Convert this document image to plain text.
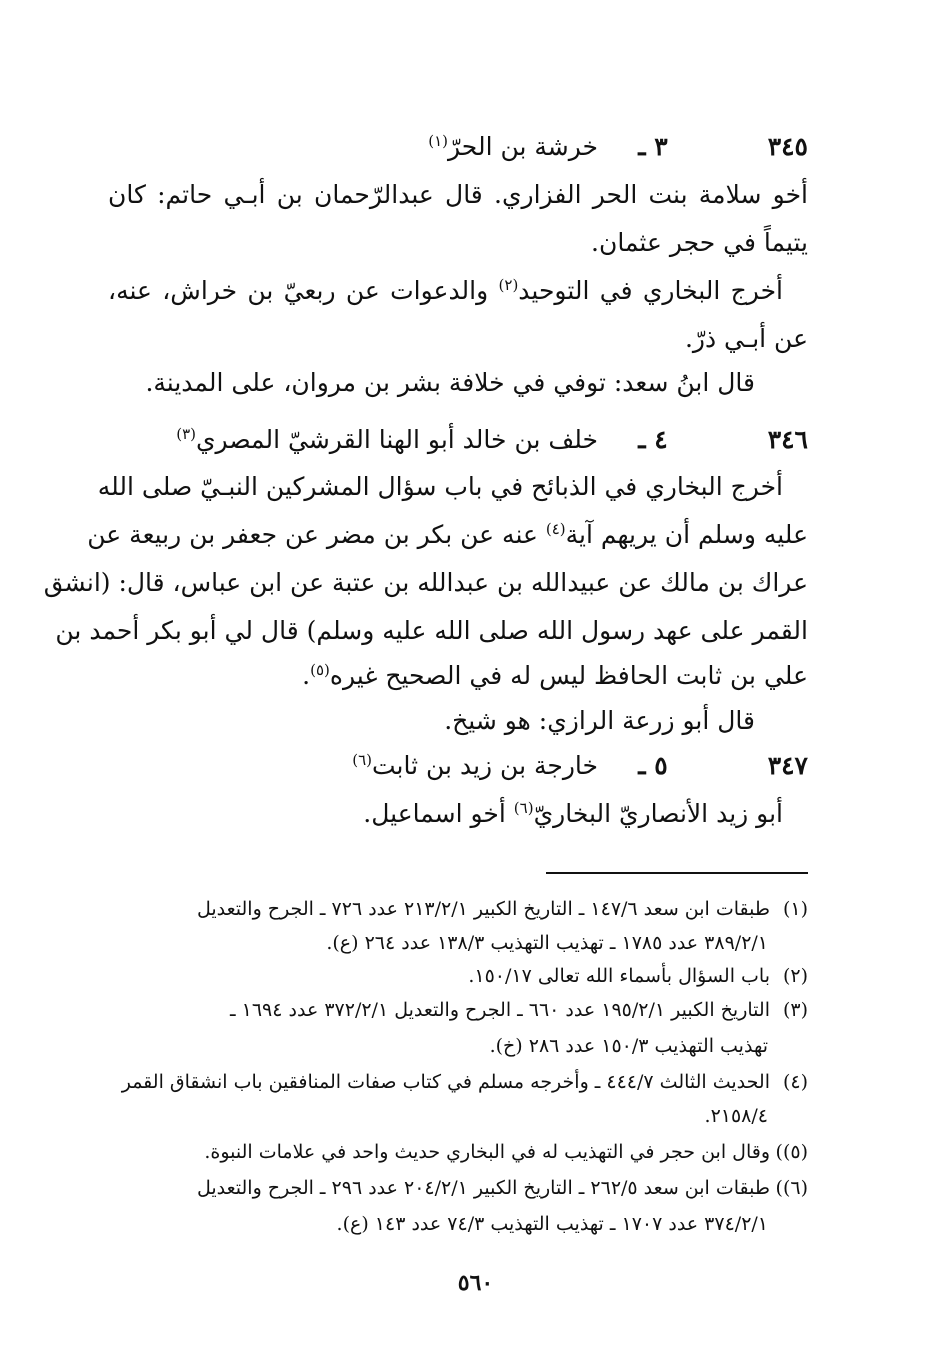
٣٤٥٣ ـخرشة بن الحرّ$^{(١)}$
أخو سلامة بنت الحر الفزاري. قال عبدالرّحمان بن أبـي حاتم: كان
يتيماً في حجر عثمان.
أخرج البخاري في التوحيد$^{(٢)}$ والدعوات عن ربعيّ بن خراش، عنه،
عن أبـي ذرّ.
قال ابنُ سعد: توفي في خلافة بشر بن مروان، على المدينة.
٣٤٦٤ ـخلف بن خالد أبو الهنا القرشيّ المصري$^{(٣)}$
أخرج البخاري في الذبائح في باب سؤال المشركين النبـيّ صلى الله
عليه وسلم أن يريهم آية$^{(٤)}$ عنه عن بكر بن مضر عن جعفر بن ربيعة عن
عراك بن مالك عن عبيدالله بن عبدالله بن عتبة عن ابن عباس، قال: (انشق
القمر على عهد رسول الله صلى الله عليه وسلم) قال لي أبو بكر أحمد بن
علي بن ثابت الحافظ ليس له في الصحيح غيره$^{(٥)}$.
قال أبو زرعة الرازي: هو شيخ.
٣٤٧٥ ـخارجة بن زيد بن ثابت$^{(٦)}$
أبو زيد الأنصاريّ البخاريّ$^{(٦)}$ أخو اسماعيل.
(١)طبقات ابن سعد ١٤٧/٦ ـ التاريخ الكبير ٢١٣/٢/١ عدد ٧٢٦ ـ الجرح والتعديل
٣٨٩/٢/١ عدد ١٧٨٥ ـ تهذيب التهذيب ١٣٨/٣ عدد ٢٦٤ (ع).
(٢)باب السؤال بأسماء الله تعالى ١٥٠/١٧.
(٣)التاريخ الكبير ١٩٥/٢/١ عدد ٦٦٠ ـ الجرح والتعديل ٣٧٢/٢/١ عدد ١٦٩٤ ـ
تهذيب التهذيب ١٥٠/٣ عدد ٢٨٦ (خ).
(٤)الحديث الثالث ٤٤٤/٧ ـ وأخرجه مسلم في كتاب صفات المنافقين باب انشقاق القمر
٢١٥٨/٤.
(٥))وقال ابن حجر في التهذيب له في البخاري حديث واحد في علامات النبوة.
(٦))طبقات ابن سعد ٢٦٢/٥ ـ التاريخ الكبير ٢٠٤/٢/١ عدد ٢٩٦ ـ الجرح والتعديل
٣٧٤/٢/١ عدد ١٧٠٧ ـ تهذيب التهذيب ٧٤/٣ عدد ١٤٣ (ع).
٥٦٠
